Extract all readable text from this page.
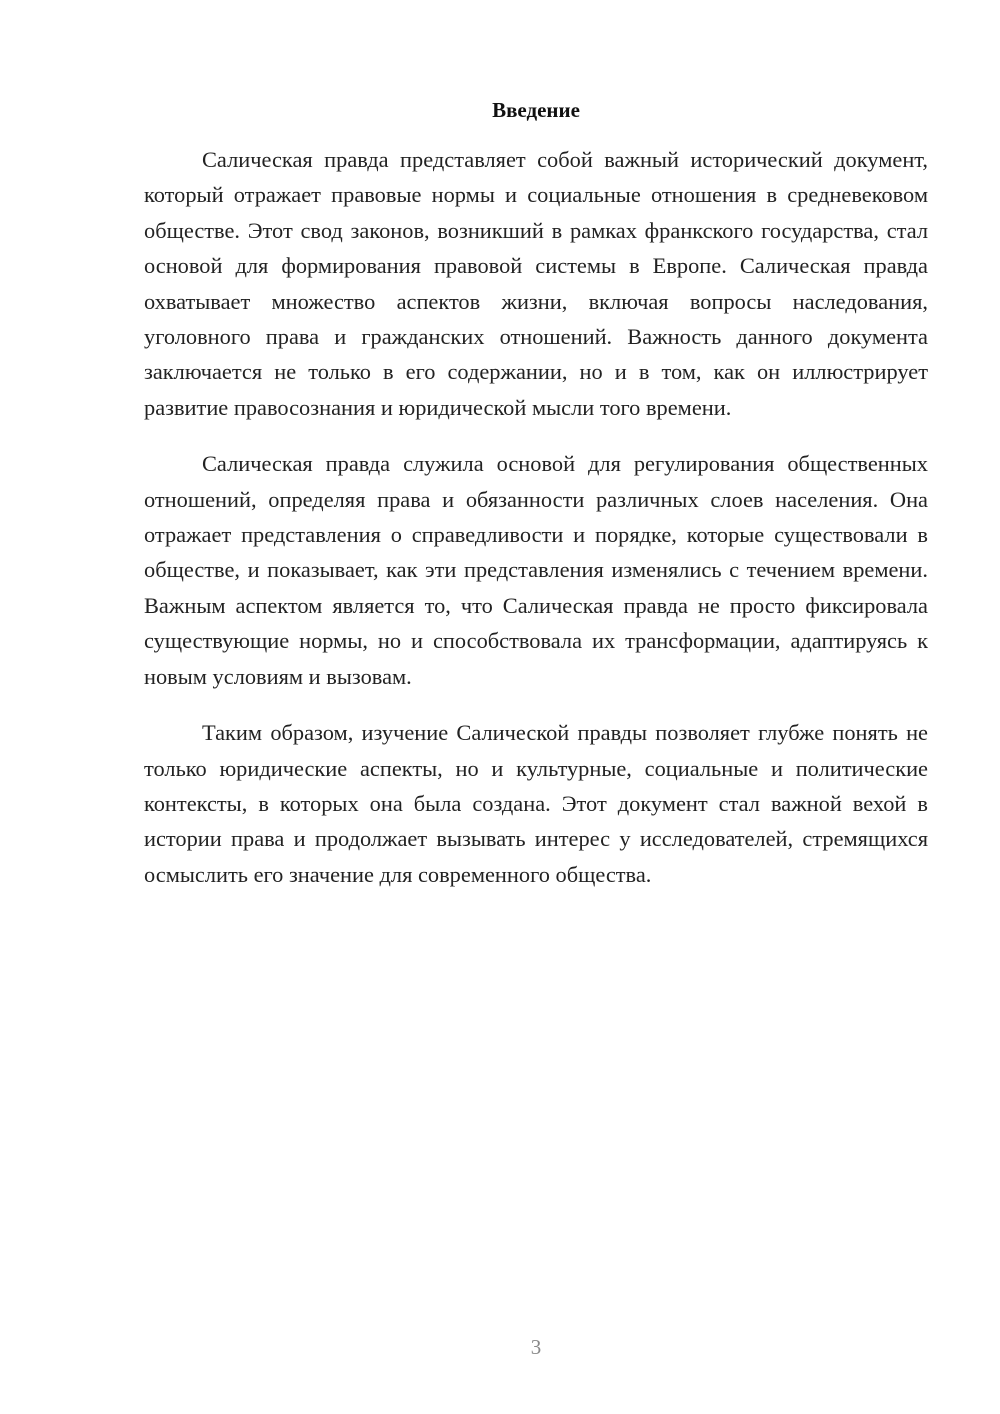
Введение

Салическая правда представляет собой важный исторический документ, который отражает правовые нормы и социальные отношения в средневековом обществе. Этот свод законов, возникший в рамках франкского государства, стал основой для формирования правовой системы в Европе. Салическая правда охватывает множество аспектов жизни, включая вопросы наследования, уголовного права и гражданских отношений. Важность данного документа заключается не только в его содержании, но и в том, как он иллюстрирует развитие правосознания и юридической мысли того времени.

Салическая правда служила основой для регулирования общественных отношений, определяя права и обязанности различных слоев населения. Она отражает представления о справедливости и порядке, которые существовали в обществе, и показывает, как эти представления изменялись с течением времени. Важным аспектом является то, что Салическая правда не просто фиксировала существующие нормы, но и способствовала их трансформации, адаптируясь к новым условиям и вызовам.

Таким образом, изучение Салической правды позволяет глубже понять не только юридические аспекты, но и культурные, социальные и политические контексты, в которых она была создана. Этот документ стал важной вехой в истории права и продолжает вызывать интерес у исследователей, стремящихся осмыслить его значение для современного общества.

3
